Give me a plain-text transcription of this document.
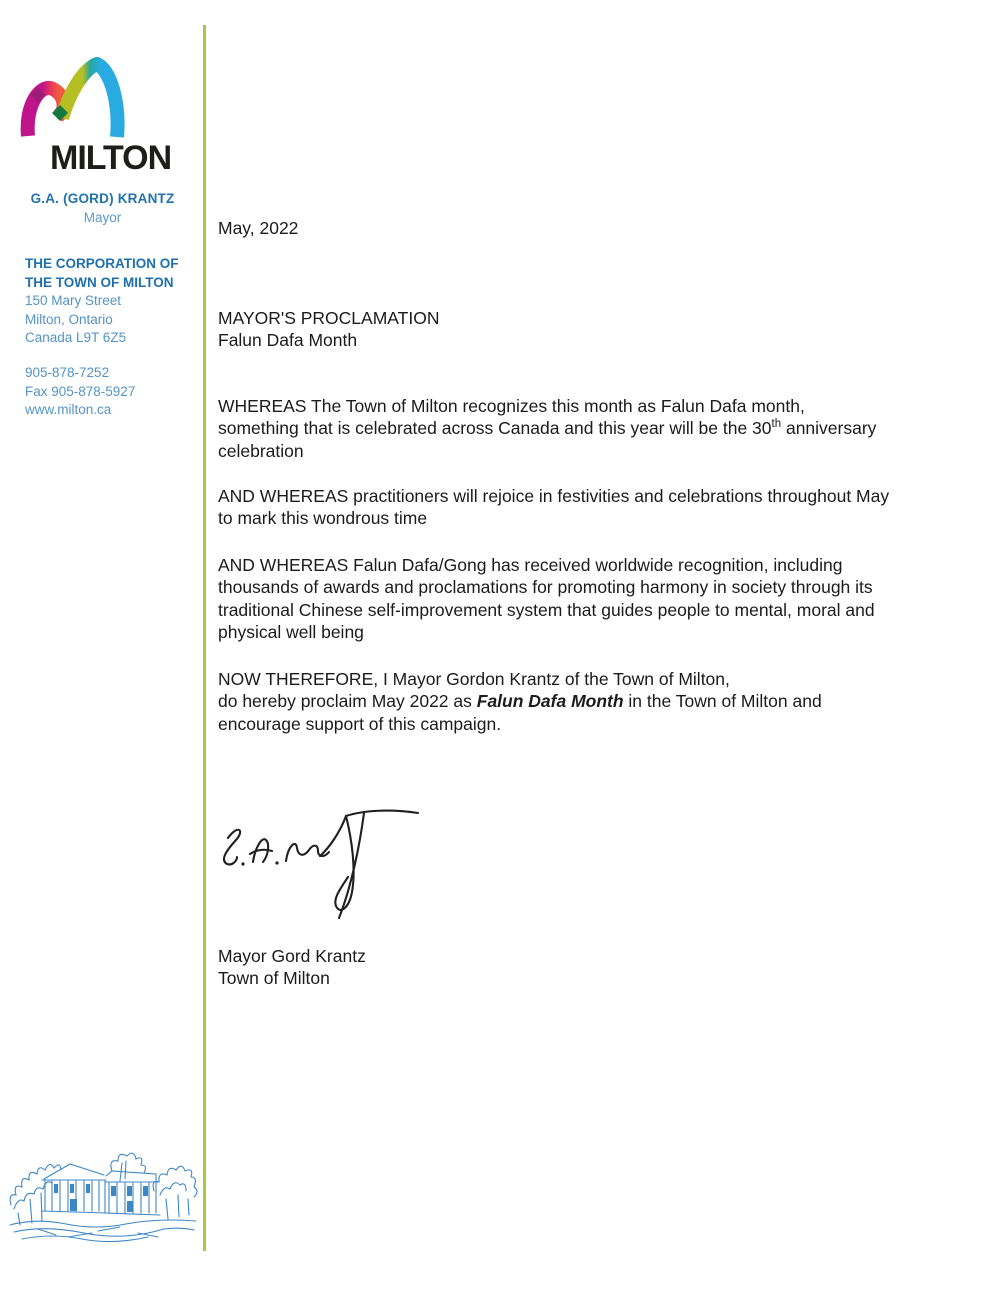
MILTON
G.A. (GORD) KRANTZ
Mayor
THE CORPORATION OF
THE TOWN OF MILTON
150 Mary Street
Milton, Ontario
Canada L9T 6Z5
905-878-7252
Fax 905-878-5927
www.milton.ca
May, 2022
MAYOR'S PROCLAMATION
Falun Dafa Month
WHEREAS The Town of Milton recognizes this month as Falun Dafa month,
something that is celebrated across Canada and this year will be the 30th anniversary
celebration
AND WHEREAS practitioners will rejoice in festivities and celebrations throughout May
to mark this wondrous time
AND WHEREAS Falun Dafa/Gong has received worldwide recognition, including
thousands of awards and proclamations for promoting harmony in society through its
traditional Chinese self-improvement system that guides people to mental, moral and
physical well being
NOW THEREFORE, I Mayor Gordon Krantz of the Town of Milton,
do hereby proclaim May 2022 as Falun Dafa Month in the Town of Milton and
encourage support of this campaign.
Mayor Gord Krantz
Town of Milton
